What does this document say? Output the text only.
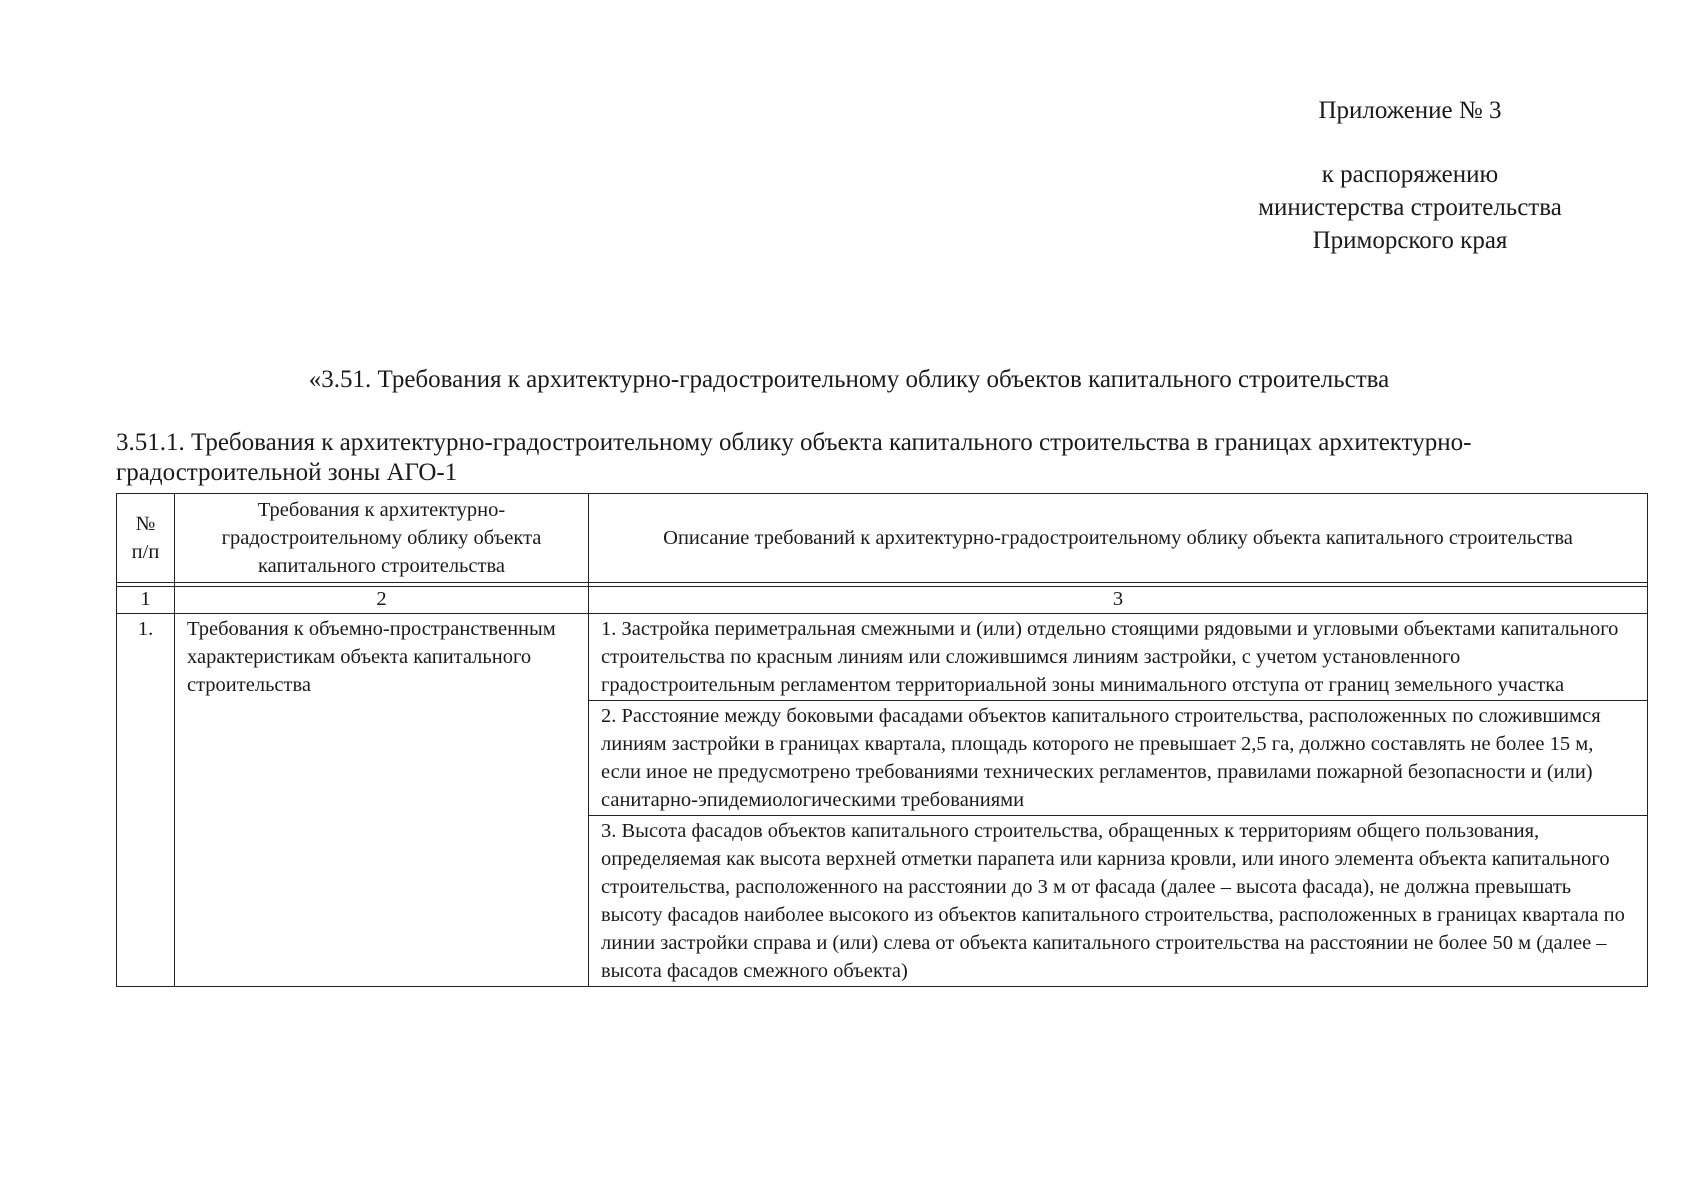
Приложение № 3
к распоряжению
министерства строительства
Приморского края
«3.51. Требования к архитектурно-градостроительному облику объектов капитального строительства
3.51.1. Требования к архитектурно-градостроительному облику объекта капитального строительства в границах архитектурно-градостроительной зоны АГО-1
№ п/п	Требования к архитектурно-градостроительному облику объекта капитального строительства	Описание требований к архитектурно-градостроительному облику объекта капитального строительства

1	2	3
1.	Требования к объемно-пространственным характеристикам объекта капитального строительства	1. Застройка периметральная смежными и (или) отдельно стоящими рядовыми и угловыми объектами капитального строительства по красным линиям или сложившимся линиям застройки, с учетом установленного градостроительным регламентом территориальной зоны минимального отступа от границ земельного участка
		2. Расстояние между боковыми фасадами объектов капитального строительства, расположенных по сложившимся линиям застройки в границах квартала, площадь которого не превышает 2,5 га, должно составлять не более 15 м, если иное не предусмотрено требованиями технических регламентов, правилами пожарной безопасности и (или) санитарно-эпидемиологическими требованиями
		3. Высота фасадов объектов капитального строительства, обращенных к территориям общего пользования, определяемая как высота верхней отметки парапета или карниза кровли, или иного элемента объекта капитального строительства, расположенного на расстоянии до 3 м от фасада (далее – высота фасада), не должна превышать высоту фасадов наиболее высокого из объектов капитального строительства, расположенных в границах квартала по линии застройки справа и (или) слева от объекта капитального строительства на расстоянии не более 50 м (далее – высота фасадов смежного объекта)
